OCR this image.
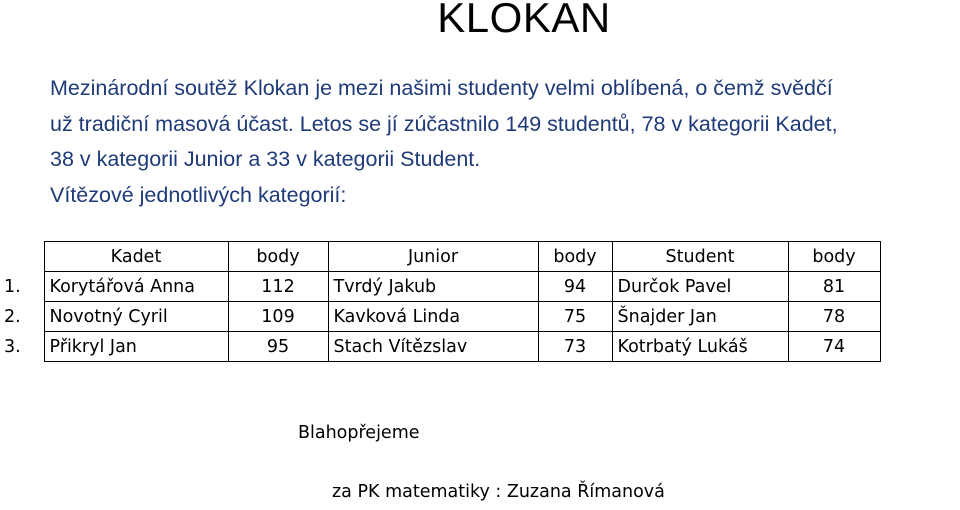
KLOKAN

Mezinárodní soutěž Klokan je mezi našimi studenty velmi oblíbená, o čemž svědčí

už tradiční masová účast. Letos se jí zúčastnilo 149 studentů, 78 v kategorii Kadet,

38 v kategorii Junior a 33 v kategorii Student.

Vítězové jednotlivých kategorií:

	Kadet	body	Junior	body	Student	body
1.	Korytářová Anna	112	Tvrdý Jakub	94	Durčok Pavel	81
2.	Novotný Cyril	109	Kavková Linda	75	Šnajder Jan	78
3.	Přikryl Jan	95	Stach Vítězslav	73	Kotrbatý Lukáš	74
Blahopřejeme
za PK matematiky : Zuzana Římanová
